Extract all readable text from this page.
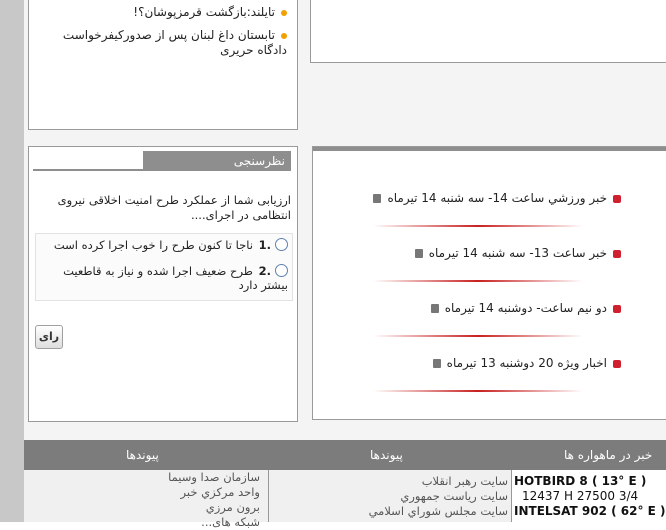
تایلند:بازگشت قرمزپوشان؟!
تابستان داغ لبنان پس از صدورکیفرخواست دادگاه حریری
نظرسنجی
ارزیابی شما از عملکرد طرح امنیت اخلاقی نیروی انتظامی در اجرای....
.1 ناجا تا کنون طرح را خوب اجرا کرده است
.2 طرح ضعیف اجرا شده و نیاز به قاطعیت بیشتر دارد
رای
خبر ورزشي ساعت 14- سه شنبه 14 تیرماه
خبر ساعت 13- سه شنبه 14 تیرماه
دو نیم ساعت- دوشنبه 14 تیرماه
اخبار ویژه 20 دوشنبه 13 تیرماه
پیوندها	پیوندها	خبر در ماهواره ها
سازمان صدا وسیما
واحد مرکزي خبر
برون مرزي
شبکه های...
سایت رهبر انقلاب
سایت ریاست جمهوري
سایت مجلس شوراي اسلامي
HOTBIRD 8 ( 13° E )
12437 H 27500 3/4
INTELSAT 902 ( 62° E )
